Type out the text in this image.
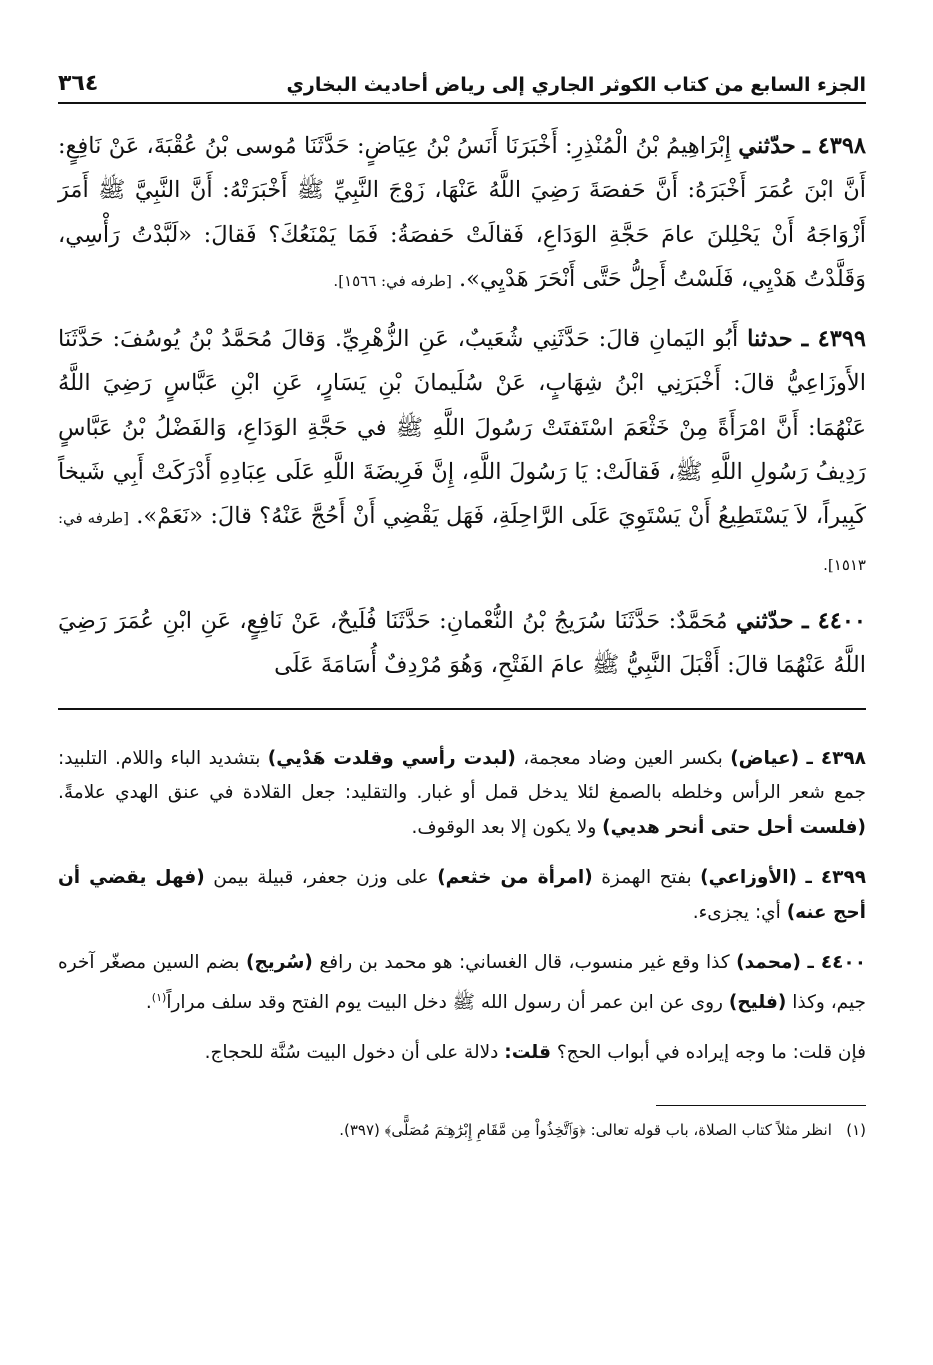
الجزء السابع من كتاب الكوثر الجاري إلى رياض أحاديث البخاري
٣٦٤

٤٣٩٨ ـ حدّثني إِبْرَاهِيمُ بْنُ الْمُنْذِرِ: أَخْبَرَنَا أَنَسُ بْنُ عِيَاضٍ: حَدَّثَنَا مُوسى بْنُ عُقْبَةَ، عَنْ نَافِعٍ: أَنَّ ابْنَ عُمَرَ أَخْبَرَهُ: أَنَّ حَفصَةَ رَضِيَ اللَّهُ عَنْهَا، زَوْجَ النَّبِيِّ ﷺ أَخْبَرَتْهُ: أَنَّ النَّبِيَّ ﷺ أَمَرَ أَزْوَاجَهُ أَنْ يَحْلِلنَ عامَ حَجَّةِ الوَدَاعِ، فَقالَتْ حَفصَةُ: فَمَا يَمْنَعُكَ؟ فَقالَ: «لَبَّدْتُ رَأْسِي، وَقَلَّدْتُ هَدْيِي، فَلَسْتُ أَحِلُّ حَتَّى أَنْحَرَ هَدْيِي». [طرفه في: ١٥٦٦].

٤٣٩٩ ـ حدثنا أَبُو اليَمانِ قالَ: حَدَّثَنِي شُعَيبٌ، عَنِ الزُّهْرِيِّ. وَقالَ مُحَمَّدُ بْنُ يُوسُفَ: حَدَّثَنَا الأَوزَاعِيُّ قالَ: أَخْبَرَنِي ابْنُ شِهَابٍ، عَنْ سُلَيمانَ بْنِ يَسَارٍ، عَنِ ابْنِ عَبَّاسٍ رَضِيَ اللَّهُ عَنْهُمَا: أَنَّ امْرَأَةً مِنْ خَثْعَمَ اسْتَفتَتْ رَسُولَ اللَّهِ ﷺ في حَجَّةِ الوَدَاعِ، وَالفَضْلُ بْنُ عَبَّاسٍ رَدِيفُ رَسُولِ اللَّهِ ﷺ، فَقالَتْ: يَا رَسُولَ اللَّهِ، إِنَّ فَرِيضَةَ اللَّهِ عَلَى عِبَادِهِ أَدْرَكَتْ أَبِي شَيخاً كَبِيراً، لاَ يَسْتَطِيعُ أَنْ يَسْتَوِيَ عَلَى الرَّاحِلَةِ، فَهَل يَقْضِي أَنْ أَحُجَّ عَنْهُ؟ قالَ: «نَعَمْ». [طرفه في: ١٥١٣].

٤٤٠٠ ـ حدّثني مُحَمَّدٌ: حَدَّثَنَا سُرَيجُ بْنُ النُّعْمانِ: حَدَّثَنَا فُلَيحٌ، عَنْ نَافِعٍ، عَنِ ابْنِ عُمَرَ رَضِيَ اللَّهُ عَنْهُمَا قالَ: أَقْبَلَ النَّبِيُّ ﷺ عامَ الفَتْحِ، وَهُوَ مُرْدِفٌ أُسَامَةَ عَلَى

٤٣٩٨ ـ (عياض) بكسر العين وضاد معجمة، (لبدت رأسي وقلدت هَدْيي) بتشديد الباء واللام. التلبيد: جمع شعر الرأس وخلطه بالصمغ لئلا يدخل قمل أو غبار. والتقليد: جعل القلادة في عنق الهدي علامةً. (فلست أحل حتى أنحر هديي) ولا يكون إلا بعد الوقوف.

٤٣٩٩ ـ (الأوزاعي) بفتح الهمزة (امرأة من خثعم) على وزن جعفر، قبيلة بيمن (فهل يقضي أن أحج عنه) أي: يجزىء.

٤٤٠٠ ـ (محمد) كذا وقع غير منسوب، قال الغساني: هو محمد بن رافع (سُريج) بضم السين مصغّر آخره جيم، وكذا (فليح) روى عن ابن عمر أن رسول الله ﷺ دخل البيت يوم الفتح وقد سلف مراراً$^{(١)}$.

فإن قلت: ما وجه إيراده في أبواب الحج؟ قلت: دلالة على أن دخول البيت سُنَّة للحجاج.

(١)   انظر مثلاً كتاب الصلاة، باب قوله تعالى: ﴿وَٱتَّخِذُواْ مِن مَّقَامِ إِبْرَٰهِـۧمَ مُصَلًّى﴾ (٣٩٧).
